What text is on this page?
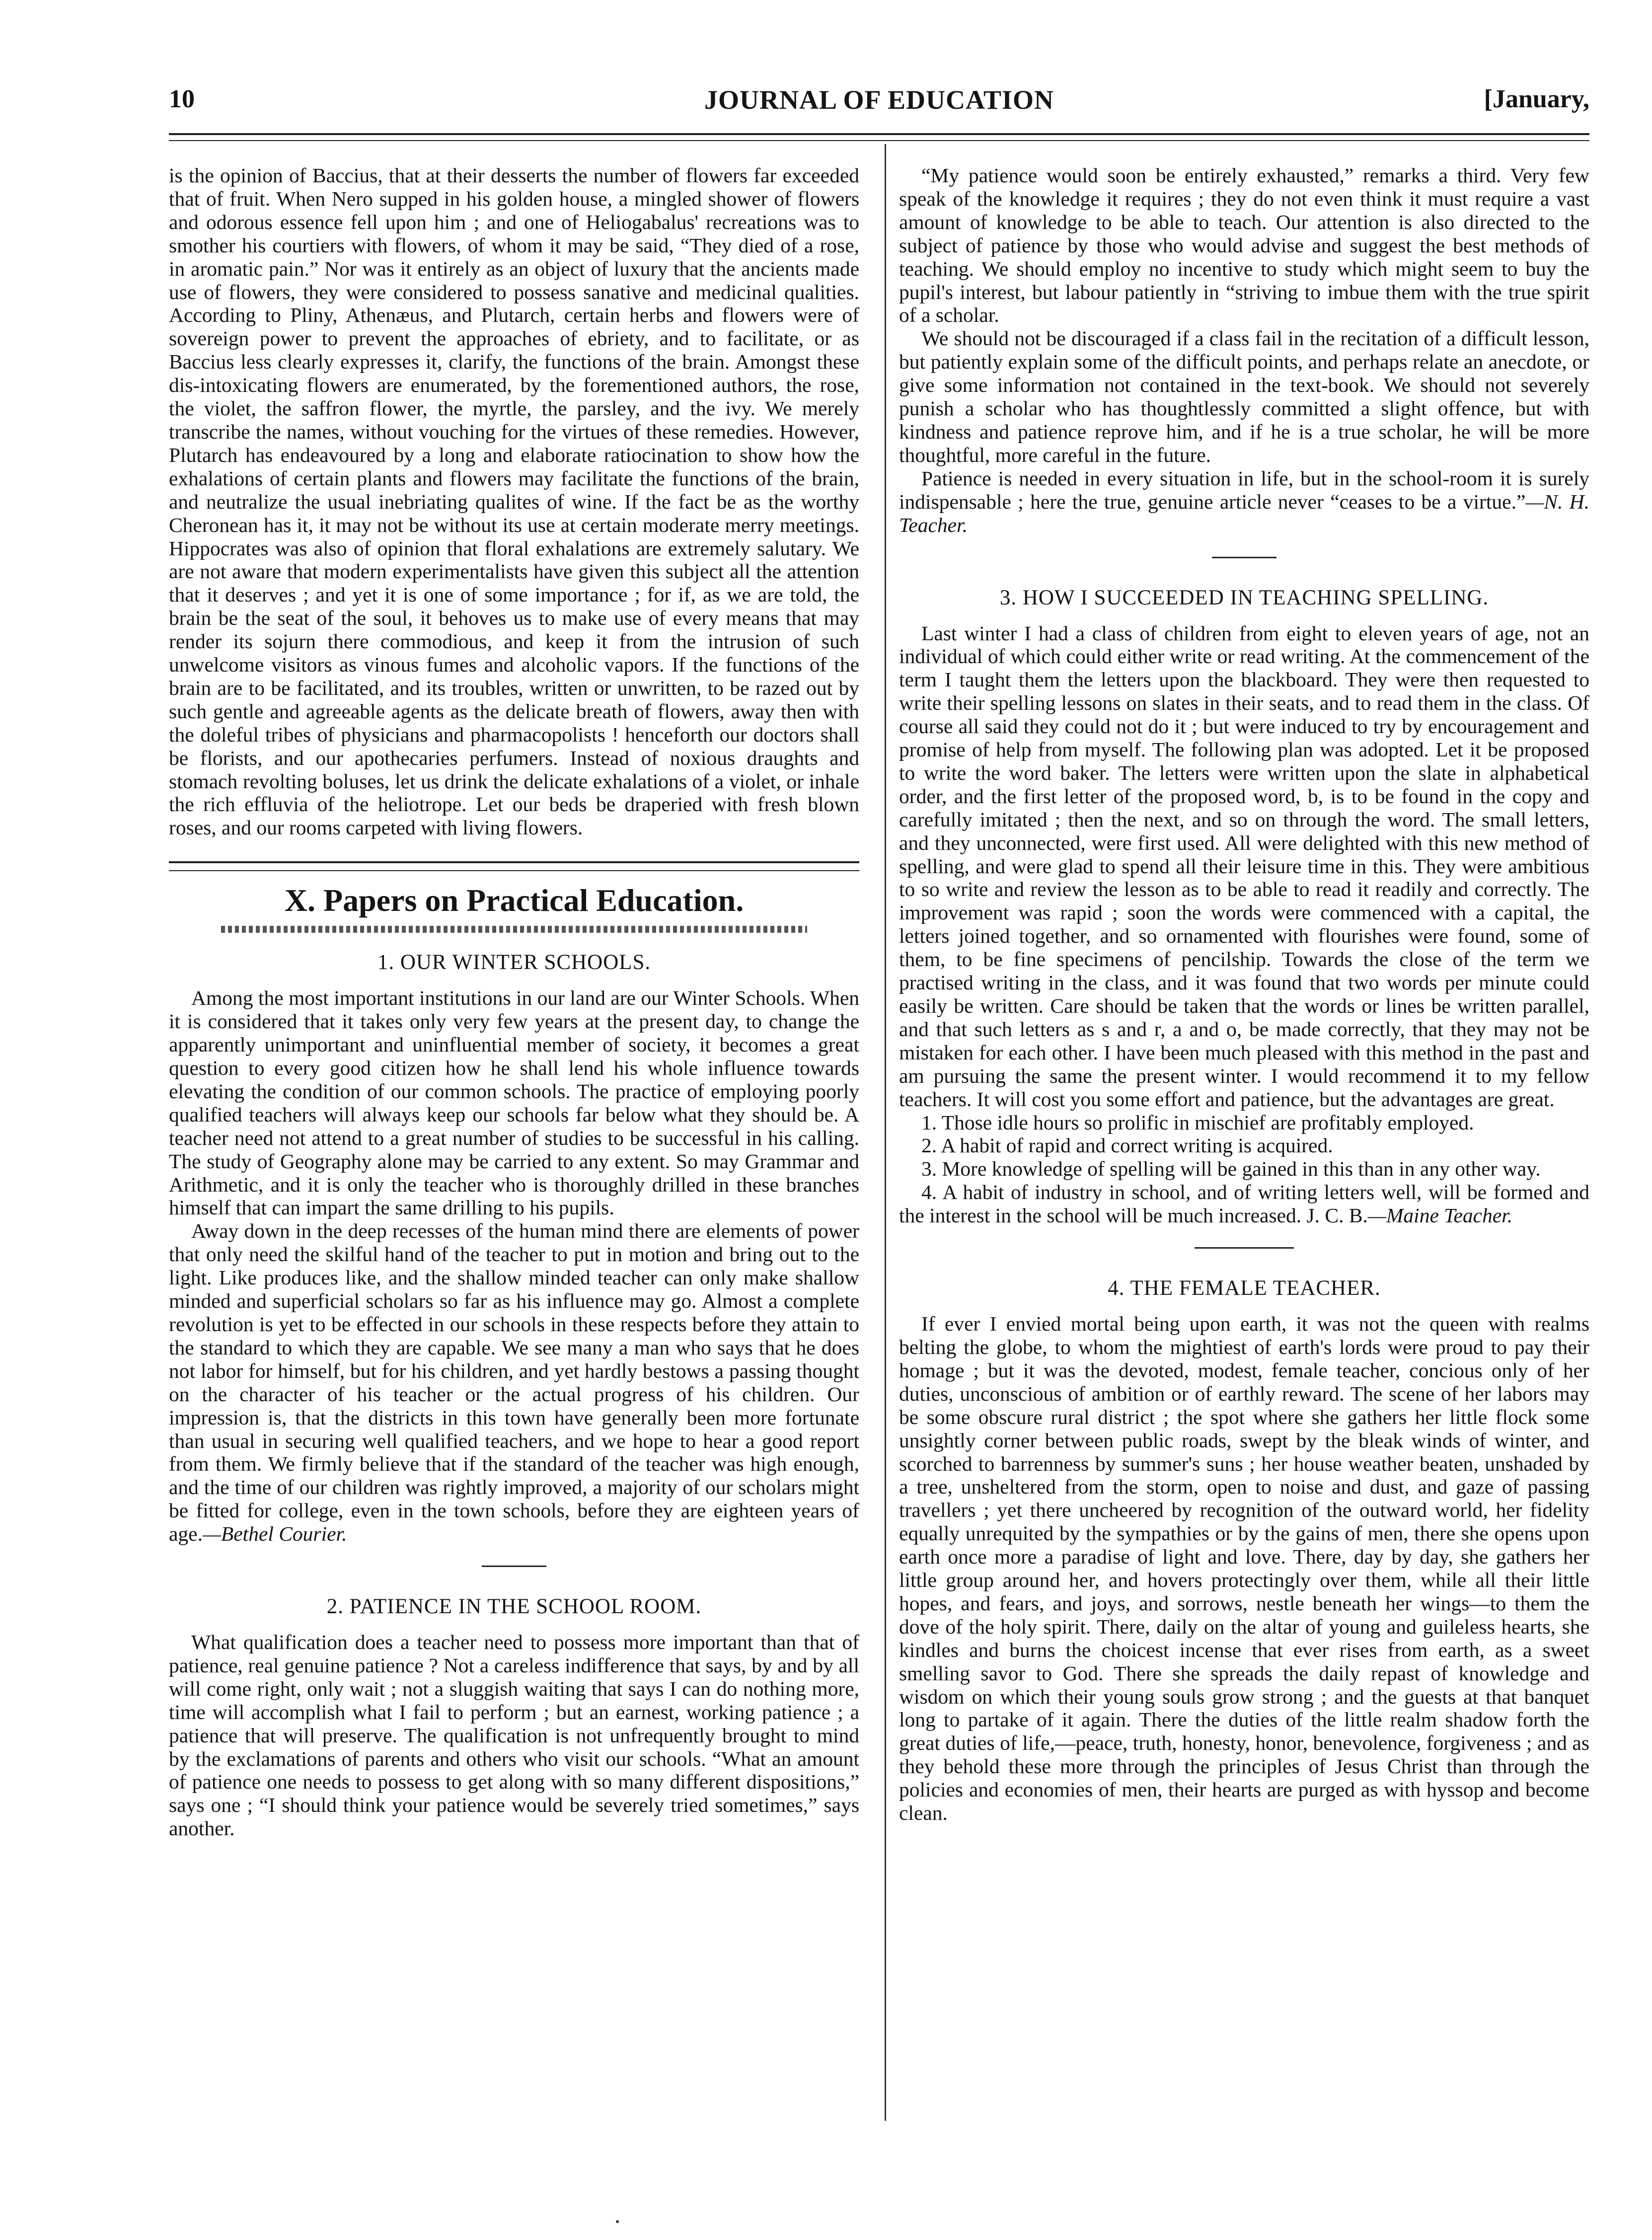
10	JOURNAL OF EDUCATION	[January,

is the opinion of Baccius, that at their desserts the number of flowers far exceeded that of fruit. When Nero supped in his golden house, a mingled shower of flowers and odorous essence fell upon him ; and one of Heliogabalus' recreations was to smother his courtiers with flowers, of whom it may be said, “They died of a rose, in aromatic pain.” Nor was it entirely as an object of luxury that the ancients made use of flowers, they were considered to possess sanative and medicinal qualities. According to Pliny, Athenæus, and Plutarch, certain herbs and flowers were of sovereign power to prevent the approaches of ebriety, and to facilitate, or as Baccius less clearly expresses it, clarify, the functions of the brain. Amongst these dis-intoxicating flowers are enumerated, by the forementioned authors, the rose, the violet, the saffron flower, the myrtle, the parsley, and the ivy. We merely transcribe the names, without vouching for the virtues of these remedies. However, Plutarch has endeavoured by a long and elaborate ratiocination to show how the exhalations of certain plants and flowers may facilitate the functions of the brain, and neutralize the usual inebriating qualites of wine. If the fact be as the worthy Cheronean has it, it may not be without its use at certain moderate merry meetings. Hippocrates was also of opinion that floral exhalations are extremely salutary. We are not aware that modern experimentalists have given this subject all the attention that it deserves ; and yet it is one of some importance ; for if, as we are told, the brain be the seat of the soul, it behoves us to make use of every means that may render its sojurn there commodious, and keep it from the intrusion of such unwelcome visitors as vinous fumes and alcoholic vapors. If the functions of the brain are to be facilitated, and its troubles, written or unwritten, to be razed out by such gentle and agreeable agents as the delicate breath of flowers, away then with the doleful tribes of physicians and pharmacopolists ! henceforth our doctors shall be florists, and our apothecaries perfumers. Instead of noxious draughts and stomach revolting boluses, let us drink the delicate exhalations of a violet, or inhale the rich effluvia of the heliotrope. Let our beds be draperied with fresh blown roses, and our rooms carpeted with living flowers.

X. Papers on Practical Education.

1. OUR WINTER SCHOOLS.

Among the most important institutions in our land are our Winter Schools. When it is considered that it takes only very few years at the present day, to change the apparently unimportant and uninfluential member of society, it becomes a great question to every good citizen how he shall lend his whole influence towards elevating the condition of our common schools. The practice of employing poorly qualified teachers will always keep our schools far below what they should be. A teacher need not attend to a great number of studies to be successful in his calling. The study of Geography alone may be carried to any extent. So may Grammar and Arithmetic, and it is only the teacher who is thoroughly drilled in these branches himself that can impart the same drilling to his pupils.

Away down in the deep recesses of the human mind there are elements of power that only need the skilful hand of the teacher to put in motion and bring out to the light. Like produces like, and the shallow minded teacher can only make shallow minded and superficial scholars so far as his influence may go. Almost a complete revolution is yet to be effected in our schools in these respects before they attain to the standard to which they are capable. We see many a man who says that he does not labor for himself, but for his children, and yet hardly bestows a passing thought on the character of his teacher or the actual progress of his children. Our impression is, that the districts in this town have generally been more fortunate than usual in securing well qualified teachers, and we hope to hear a good report from them. We firmly believe that if the standard of the teacher was high enough, and the time of our children was rightly improved, a majority of our scholars might be fitted for college, even in the town schools, before they are eighteen years of age.—Bethel Courier.

2. PATIENCE IN THE SCHOOL ROOM.

What qualification does a teacher need to possess more important than that of patience, real genuine patience ? Not a careless indifference that says, by and by all will come right, only wait ; not a sluggish waiting that says I can do nothing more, time will accomplish what I fail to perform ; but an earnest, working patience ; a patience that will preserve. The qualification is not unfrequently brought to mind by the exclamations of parents and others who visit our schools. “What an amount of patience one needs to possess to get along with so many different dispositions,” says one ; “I should think your patience would be severely tried sometimes,” says another.

“My patience would soon be entirely exhausted,” remarks a third. Very few speak of the knowledge it requires ; they do not even think it must require a vast amount of knowledge to be able to teach. Our attention is also directed to the subject of patience by those who would advise and suggest the best methods of teaching. We should employ no incentive to study which might seem to buy the pupil's interest, but labour patiently in “striving to imbue them with the true spirit of a scholar.

We should not be discouraged if a class fail in the recitation of a difficult lesson, but patiently explain some of the difficult points, and perhaps relate an anecdote, or give some information not contained in the text-book. We should not severely punish a scholar who has thoughtlessly committed a slight offence, but with kindness and patience reprove him, and if he is a true scholar, he will be more thoughtful, more careful in the future.

Patience is needed in every situation in life, but in the school-room it is surely indispensable ; here the true, genuine article never “ceases to be a virtue.”—N. H. Teacher.

3. HOW I SUCCEEDED IN TEACHING SPELLING.

Last winter I had a class of children from eight to eleven years of age, not an individual of which could either write or read writing. At the commencement of the term I taught them the letters upon the blackboard. They were then requested to write their spelling lessons on slates in their seats, and to read them in the class. Of course all said they could not do it ; but were induced to try by encouragement and promise of help from myself. The following plan was adopted. Let it be proposed to write the word baker. The letters were written upon the slate in alphabetical order, and the first letter of the proposed word, b, is to be found in the copy and carefully imitated ; then the next, and so on through the word. The small letters, and they unconnected, were first used. All were delighted with this new method of spelling, and were glad to spend all their leisure time in this. They were ambitious to so write and review the lesson as to be able to read it readily and correctly. The improvement was rapid ; soon the words were commenced with a capital, the letters joined together, and so ornamented with flourishes were found, some of them, to be fine specimens of pencilship. Towards the close of the term we practised writing in the class, and it was found that two words per minute could easily be written. Care should be taken that the words or lines be written parallel, and that such letters as s and r, a and o, be made correctly, that they may not be mistaken for each other. I have been much pleased with this method in the past and am pursuing the same the present winter. I would recommend it to my fellow teachers. It will cost you some effort and patience, but the advantages are great.

1. Those idle hours so prolific in mischief are profitably employed.

2. A habit of rapid and correct writing is acquired.

3. More knowledge of spelling will be gained in this than in any other way.

4. A habit of industry in school, and of writing letters well, will be formed and the interest in the school will be much increased. J. C. B.—Maine Teacher.

4. THE FEMALE TEACHER.

If ever I envied mortal being upon earth, it was not the queen with realms belting the globe, to whom the mightiest of earth's lords were proud to pay their homage ; but it was the devoted, modest, female teacher, concious only of her duties, unconscious of ambition or of earthly reward. The scene of her labors may be some obscure rural district ; the spot where she gathers her little flock some unsightly corner between public roads, swept by the bleak winds of winter, and scorched to barrenness by summer's suns ; her house weather beaten, unshaded by a tree, unsheltered from the storm, open to noise and dust, and gaze of passing travellers ; yet there uncheered by recognition of the outward world, her fidelity equally unrequited by the sympathies or by the gains of men, there she opens upon earth once more a paradise of light and love. There, day by day, she gathers her little group around her, and hovers protectingly over them, while all their little hopes, and fears, and joys, and sorrows, nestle beneath her wings—to them the dove of the holy spirit. There, daily on the altar of young and guileless hearts, she kindles and burns the choicest incense that ever rises from earth, as a sweet smelling savor to God. There she spreads the daily repast of knowledge and wisdom on which their young souls grow strong ; and the guests at that banquet long to partake of it again. There the duties of the little realm shadow forth the great duties of life,—peace, truth, honesty, honor, benevolence, forgiveness ; and as they behold these more through the principles of Jesus Christ than through the policies and economies of men, their hearts are purged as with hyssop and become clean.
